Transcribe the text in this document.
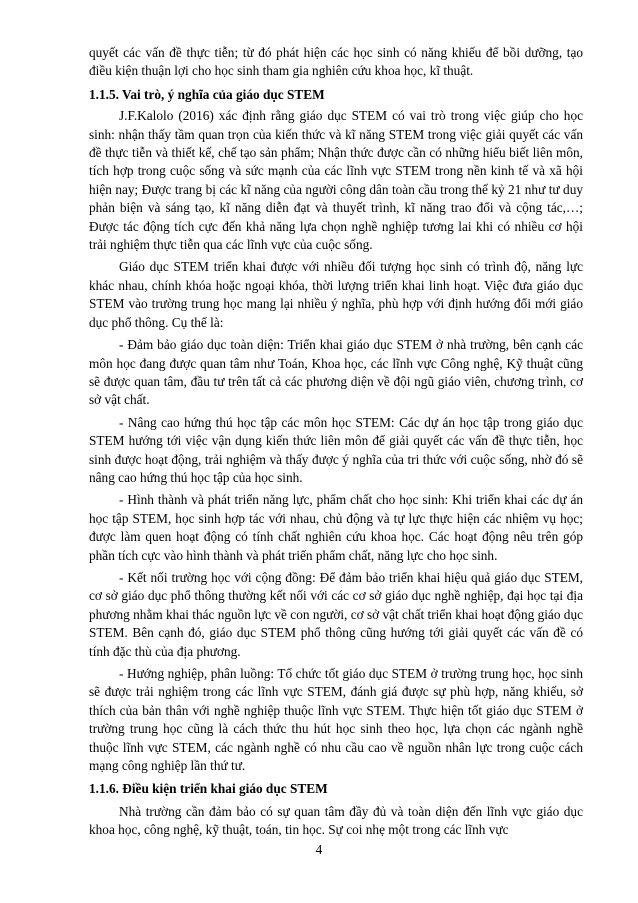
quyết các vấn đề thực tiễn; từ đó phát hiện các học sinh có năng khiếu để bồi dưỡng, tạo điều kiện thuận lợi cho học sinh tham gia nghiên cứu khoa học, kĩ thuật.

1.1.5. Vai trò, ý nghĩa của giáo dục STEM

J.F.Kalolo (2016) xác định rằng giáo dục STEM có vai trò trong việc giúp cho học sinh: nhận thấy tầm quan trọn của kiến thức và kĩ năng STEM trong việc giải quyết các vấn đề thực tiễn và thiết kế, chế tạo sản phẩm; Nhận thức được cần có những hiểu biết liên môn, tích hợp trong cuộc sống và sức mạnh của các lĩnh vực STEM trong nền kinh tế và xã hội hiện nay; Được trang bị các kĩ năng của người công dân toàn cầu trong thế kỷ 21 như tư duy phản biện và sáng tạo, kĩ năng diễn đạt và thuyết trình, kĩ năng trao đổi và cộng tác,…; Được tác động tích cực đến khả năng lựa chọn nghề nghiệp tương lai khi có nhiều cơ hội trải nghiệm thực tiễn qua các lĩnh vực của cuộc sống.

Giáo dục STEM triển khai được với nhiều đối tượng học sinh có trình độ, năng lực khác nhau, chính khóa hoặc ngoại khóa, thời lượng triển khai linh hoạt. Việc đưa giáo dục STEM vào trường trung học mang lại nhiều ý nghĩa, phù hợp với định hướng đổi mới giáo dục phổ thông. Cụ thể là:

- Đảm bảo giáo dục toàn diện: Triển khai giáo dục STEM ở nhà trường, bên cạnh các môn học đang được quan tâm như Toán, Khoa học, các lĩnh vực Công nghệ, Kỹ thuật cũng sẽ được quan tâm, đầu tư trên tất cả các phương diện về đội ngũ giáo viên, chương trình, cơ sở vật chất.

- Nâng cao hứng thú học tập các môn học STEM: Các dự án học tập trong giáo dục STEM hướng tới việc vận dụng kiến thức liên môn để giải quyết các vấn đề thực tiễn, học sinh được hoạt động, trải nghiệm và thấy được ý nghĩa của tri thức với cuộc sống, nhờ đó sẽ nâng cao hứng thú học tập của học sinh.

- Hình thành và phát triển năng lực, phẩm chất cho học sinh: Khi triển khai các dự án học tập STEM, học sinh hợp tác với nhau, chủ động và tự lực thực hiện các nhiệm vụ học; được làm quen hoạt động có tính chất nghiên cứu khoa học. Các hoạt động nêu trên góp phần tích cực vào hình thành và phát triển phẩm chất, năng lực cho học sinh.

- Kết nối trường học với cộng đồng: Để đảm bảo triển khai hiệu quả giáo dục STEM, cơ sở giáo dục phổ thông thường kết nối với các cơ sở giáo dục nghề nghiệp, đại học tại địa phương nhằm khai thác nguồn lực về con người, cơ sở vật chất triển khai hoạt động giáo dục STEM. Bên cạnh đó, giáo dục STEM phổ thông cũng hướng tới giải quyết các vấn đề có tính đặc thù của địa phương.

- Hướng nghiệp, phân luồng: Tổ chức tốt giáo dục STEM ở trường trung học, học sinh sẽ được trải nghiệm trong các lĩnh vực STEM, đánh giá được sự phù hợp, năng khiếu, sở thích của bản thân với nghề nghiệp thuộc lĩnh vực STEM. Thực hiện tốt giáo dục STEM ở trường trung học cũng là cách thức thu hút học sinh theo học, lựa chọn các ngành nghề thuộc lĩnh vực STEM, các ngành nghề có nhu cầu cao về nguồn nhân lực trong cuộc cách mạng công nghiệp lần thứ tư.

1.1.6. Điều kiện triển khai giáo dục STEM

Nhà trường cần đảm bảo có sự quan tâm đầy đủ và toàn diện đến lĩnh vực giáo dục khoa học, công nghệ, kỹ thuật, toán, tin học. Sự coi nhẹ một trong các lĩnh vực

4
